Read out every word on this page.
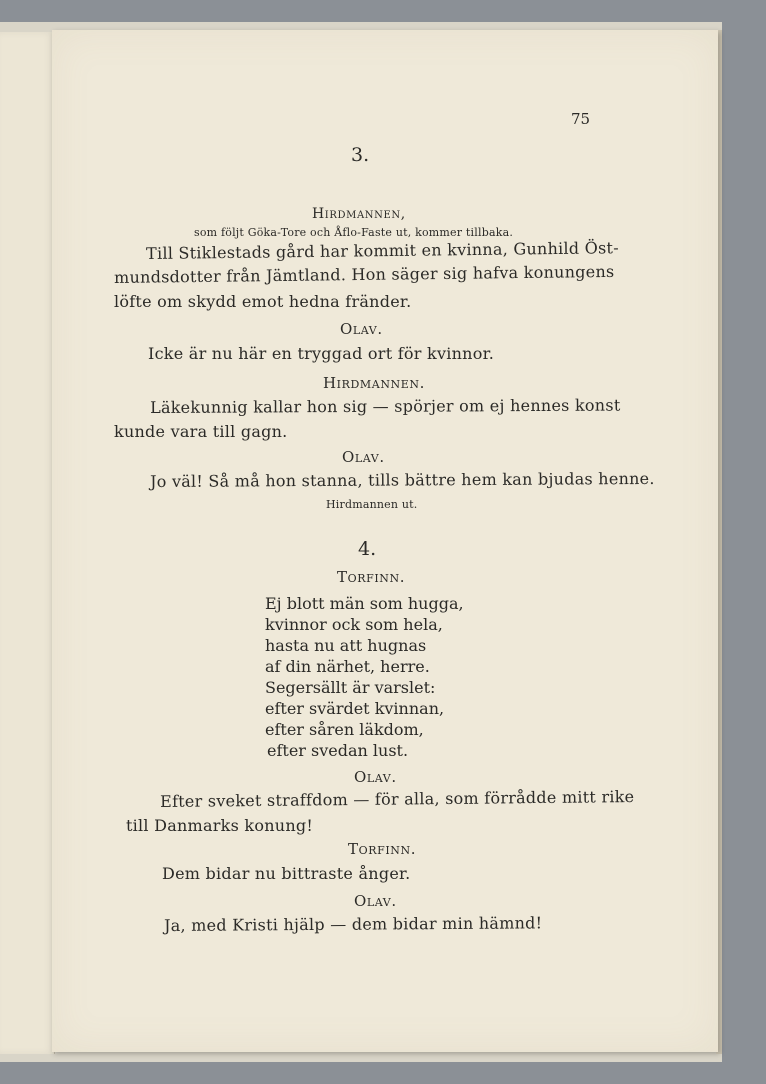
75
3.
Hirdmannen,
som följt Göka-Tore och Åflo-Faste ut, kommer tillbaka.
Till Stiklestads gård har kommit en kvinna, Gunhild Öst-
mundsdotter från Jämtland. Hon säger sig hafva konungens
löfte om skydd emot hedna fränder.
Olav.
Icke är nu här en tryggad ort för kvinnor.
Hirdmannen.
Läkekunnig kallar hon sig — spörjer om ej hennes konst
kunde vara till gagn.
Olav.
Jo väl! Så må hon stanna, tills bättre hem kan bjudas henne.
Hirdmannen ut.
4.
Torfinn.
Ej blott män som hugga,
kvinnor ock som hela,
hasta nu att hugnas
af din närhet, herre.
Segersällt är varslet:
efter svärdet kvinnan,
efter såren läkdom,
efter svedan lust.
Olav.
Efter sveket straffdom — för alla, som förrådde mitt rike
till Danmarks konung!
Torfinn.
Dem bidar nu bittraste ånger.
Olav.
Ja, med Kristi hjälp — dem bidar min hämnd!
